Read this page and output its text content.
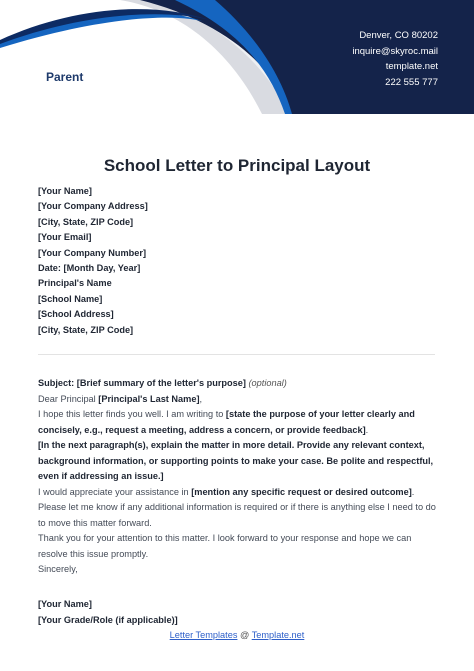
Parent
Denver, CO 80202
inquire@skyroc.mail
template.net
222 555 777
School Letter to Principal Layout
[Your Name]
[Your Company Address]
[City, State, ZIP Code]
[Your Email]
[Your Company Number]
Date: [Month Day, Year]
Principal's Name
[School Name]
[School Address]
[City, State, ZIP Code]

Subject: [Brief summary of the letter's purpose] (optional)

Dear Principal [Principal's Last Name],

I hope this letter finds you well. I am writing to [state the purpose of your letter clearly and concisely, e.g., request a meeting, address a concern, or provide feedback].

[In the next paragraph(s), explain the matter in more detail. Provide any relevant context, background information, or supporting points to make your case. Be polite and respectful, even if addressing an issue.]

I would appreciate your assistance in [mention any specific request or desired outcome]. Please let me know if any additional information is required or if there is anything else I need to do to move this matter forward.

Thank you for your attention to this matter. I look forward to your response and hope we can resolve this issue promptly.

Sincerely,

[Your Name]
[Your Grade/Role (if applicable)]
Letter Templates @ Template.net
